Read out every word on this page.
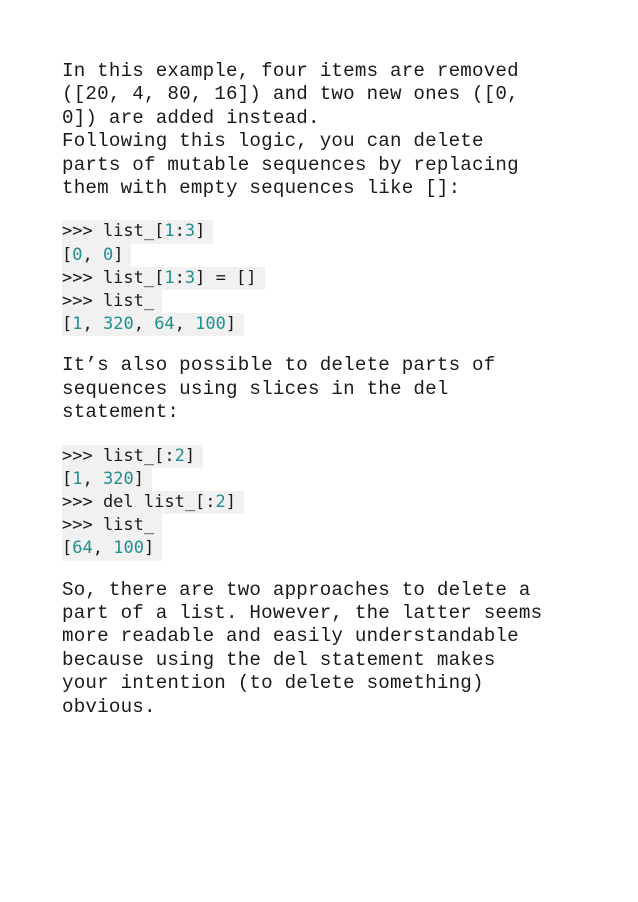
In this example, four items are removed
([20, 4, 80, 16]) and two new ones ([0,
0]) are added instead.
Following this logic, you can delete
parts of mutable sequences by replacing
them with empty sequences like []:

>>> list_[1:3]
[0, 0]
>>> list_[1:3] = []
>>> list_
[1, 320, 64, 100]

It’s also possible to delete parts of
sequences using slices in the del
statement:

>>> list_[:2]
[1, 320]
>>> del list_[:2]
>>> list_
[64, 100]

So, there are two approaches to delete a
part of a list. However, the latter seems
more readable and easily understandable
because using the del statement makes
your intention (to delete something)
obvious.
